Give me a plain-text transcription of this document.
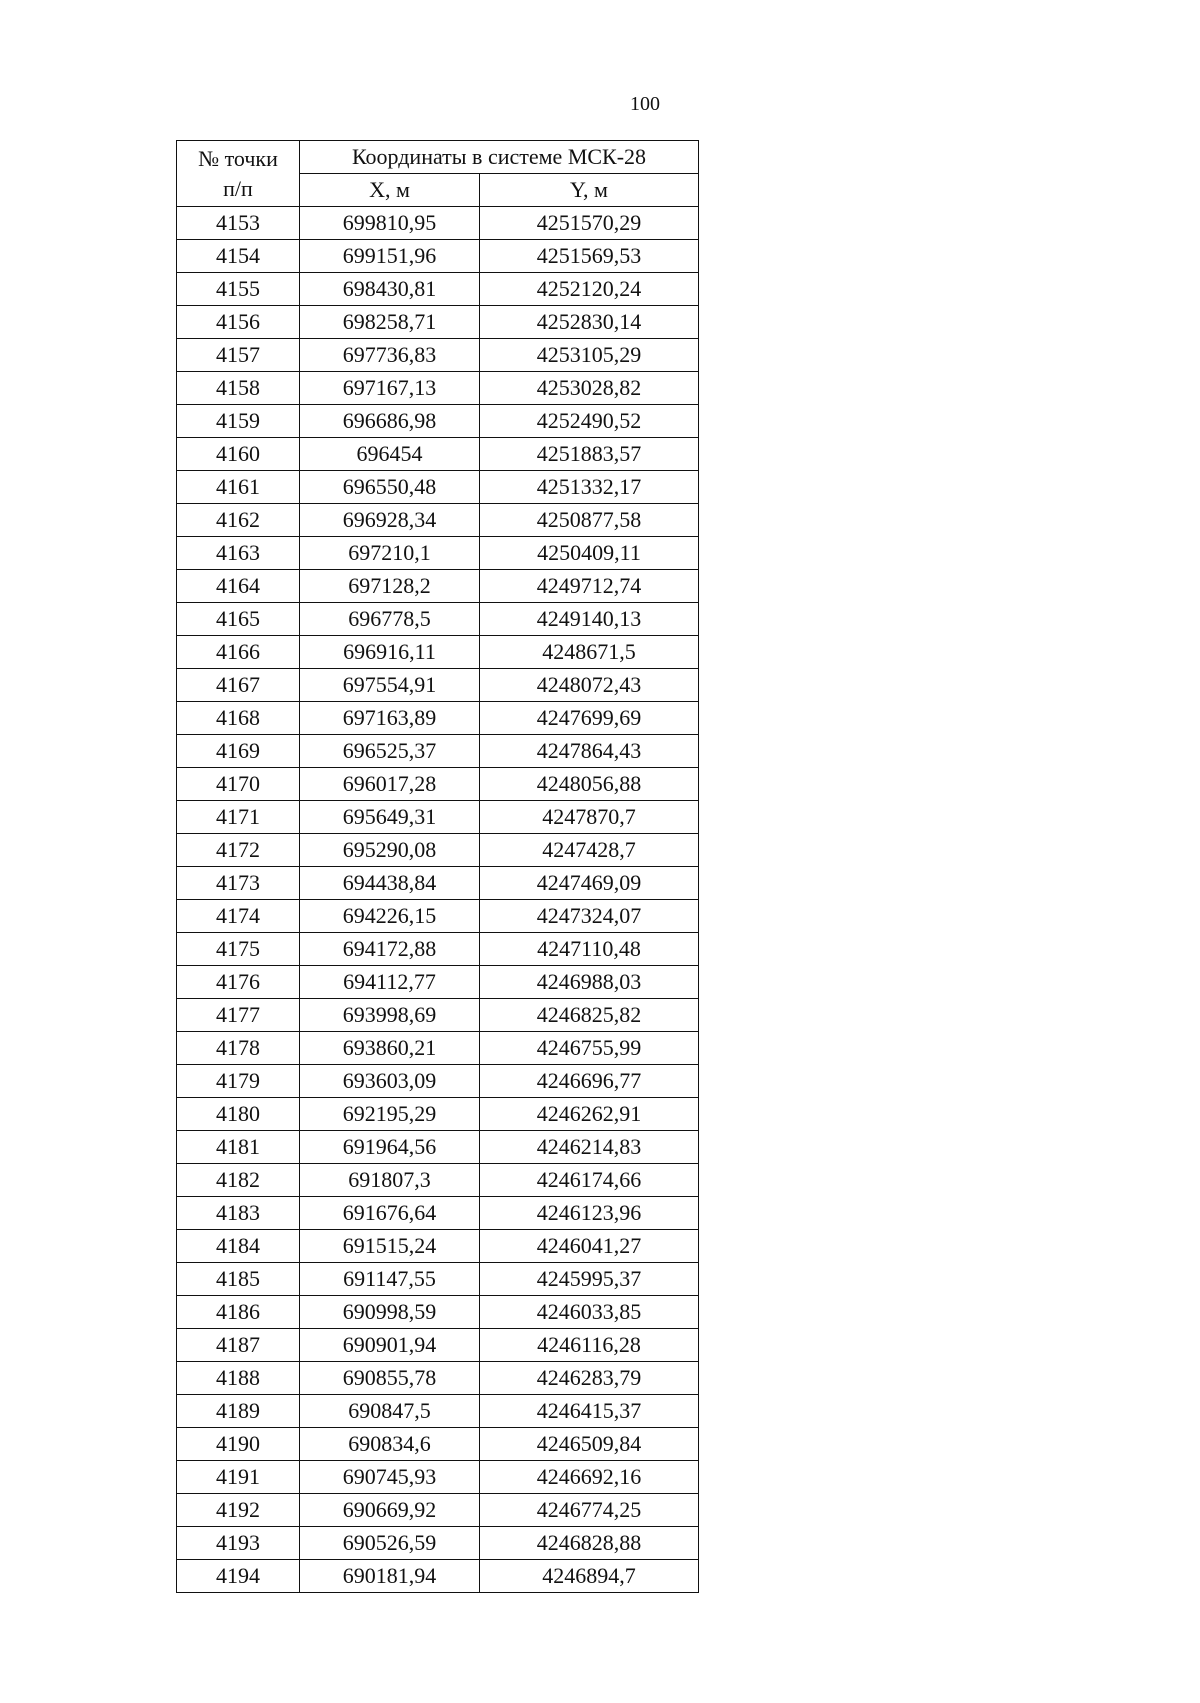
100
№ точки
п/п	Координаты в системе МСК-28	
	X, м	Y, м
4153	699810,95	4251570,29
4154	699151,96	4251569,53
4155	698430,81	4252120,24
4156	698258,71	4252830,14
4157	697736,83	4253105,29
4158	697167,13	4253028,82
4159	696686,98	4252490,52
4160	696454	4251883,57
4161	696550,48	4251332,17
4162	696928,34	4250877,58
4163	697210,1	4250409,11
4164	697128,2	4249712,74
4165	696778,5	4249140,13
4166	696916,11	4248671,5
4167	697554,91	4248072,43
4168	697163,89	4247699,69
4169	696525,37	4247864,43
4170	696017,28	4248056,88
4171	695649,31	4247870,7
4172	695290,08	4247428,7
4173	694438,84	4247469,09
4174	694226,15	4247324,07
4175	694172,88	4247110,48
4176	694112,77	4246988,03
4177	693998,69	4246825,82
4178	693860,21	4246755,99
4179	693603,09	4246696,77
4180	692195,29	4246262,91
4181	691964,56	4246214,83
4182	691807,3	4246174,66
4183	691676,64	4246123,96
4184	691515,24	4246041,27
4185	691147,55	4245995,37
4186	690998,59	4246033,85
4187	690901,94	4246116,28
4188	690855,78	4246283,79
4189	690847,5	4246415,37
4190	690834,6	4246509,84
4191	690745,93	4246692,16
4192	690669,92	4246774,25
4193	690526,59	4246828,88
4194	690181,94	4246894,7
